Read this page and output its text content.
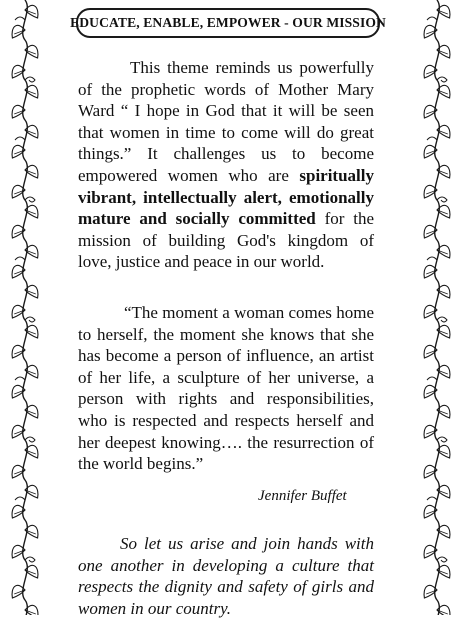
EDUCATE, ENABLE, EMPOWER - OUR MISSION
This theme reminds us powerfully of the prophetic words of Mother Mary Ward “ I hope in God that it will be seen that women in time to come will do great things.” It challenges us to become empowered women who are spiritually vibrant, intellectually alert, emotionally mature and socially committed for the mission of building God's kingdom of love, justice and peace in our world.
“The moment a woman comes home to herself, the moment she knows that she has become a person of influence, an artist of her life, a sculpture of her universe, a person with rights and responsibilities, who is respected and respects herself and her deepest knowing…. the resurrection of the world begins.”
Jennifer Buffet
So let us arise and join hands with one another in developing a culture that respects the dignity and safety of girls and women in our country.
